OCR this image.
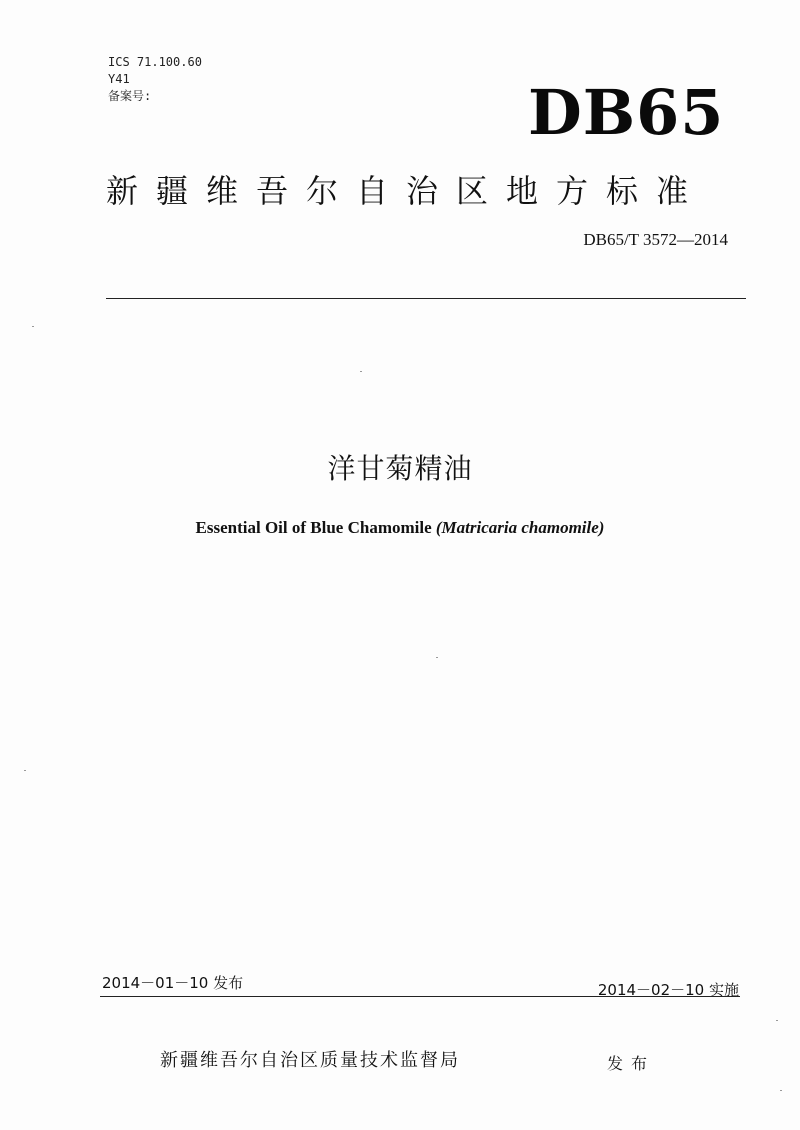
ICS 71.100.60
Y41
备案号:	DB65
新疆维吾尔自治区地方标准
DB65/T 3572—2014
洋甘菊精油
Essential Oil of Blue Chamomile (Matricaria chamomile)
2014－01－10 发布	2014－02－10 实施
新疆维吾尔自治区质量技术监督局	发布
